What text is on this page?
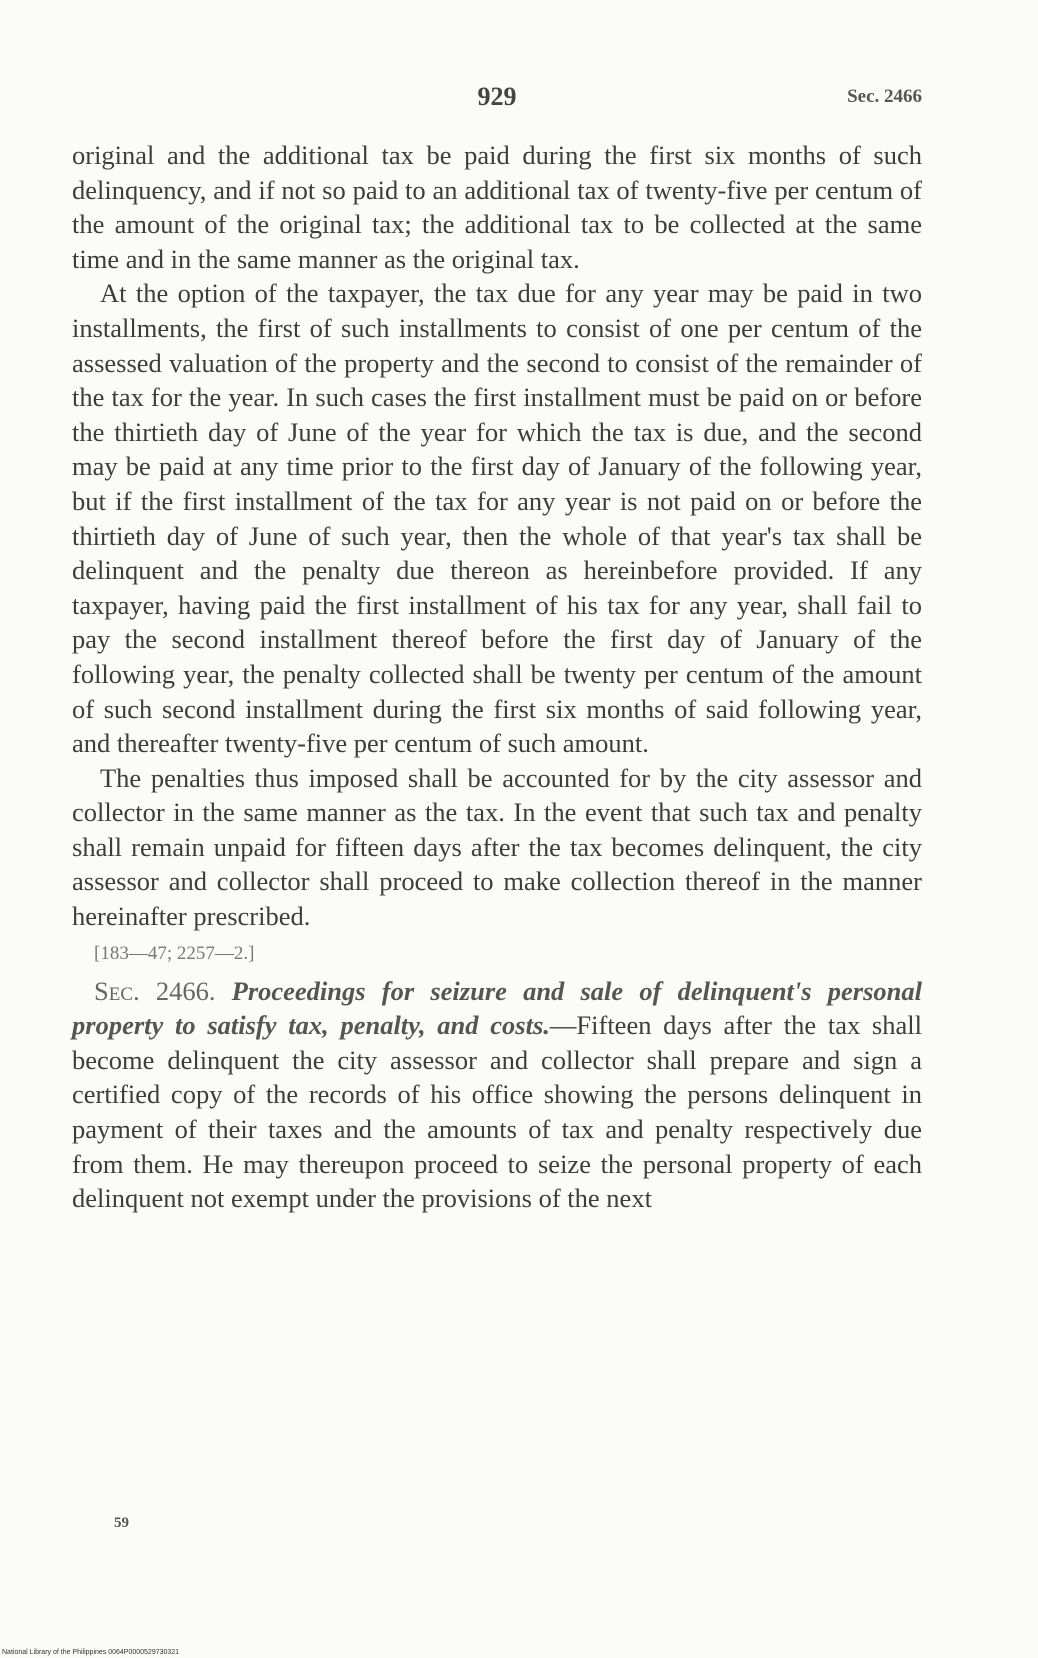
929	Sec. 2466

original and the additional tax be paid during the first six months of such delinquency, and if not so paid to an additional tax of twenty-five per centum of the amount of the original tax; the additional tax to be collected at the same time and in the same manner as the original tax.

At the option of the taxpayer, the tax due for any year may be paid in two installments, the first of such installments to consist of one per centum of the assessed valuation of the property and the second to consist of the remainder of the tax for the year. In such cases the first installment must be paid on or before the thirtieth day of June of the year for which the tax is due, and the second may be paid at any time prior to the first day of January of the following year, but if the first installment of the tax for any year is not paid on or before the thirtieth day of June of such year, then the whole of that year's tax shall be delinquent and the penalty due thereon as hereinbefore provided. If any taxpayer, having paid the first installment of his tax for any year, shall fail to pay the second installment thereof before the first day of January of the following year, the penalty collected shall be twenty per centum of the amount of such second installment during the first six months of said following year, and thereafter twenty-five per centum of such amount.

The penalties thus imposed shall be accounted for by the city assessor and collector in the same manner as the tax. In the event that such tax and penalty shall remain unpaid for fifteen days after the tax becomes delinquent, the city assessor and collector shall proceed to make collection thereof in the manner hereinafter prescribed.

[183—47; 2257—2.]

Sec. 2466. Proceedings for seizure and sale of delinquent's personal property to satisfy tax, penalty, and costs.—Fifteen days after the tax shall become delinquent the city assessor and collector shall prepare and sign a certified copy of the records of his office showing the persons delinquent in payment of their taxes and the amounts of tax and penalty respectively due from them. He may thereupon proceed to seize the personal property of each delinquent not exempt under the provisions of the next

59
National Library of the Philippines 0064P0000529730321
